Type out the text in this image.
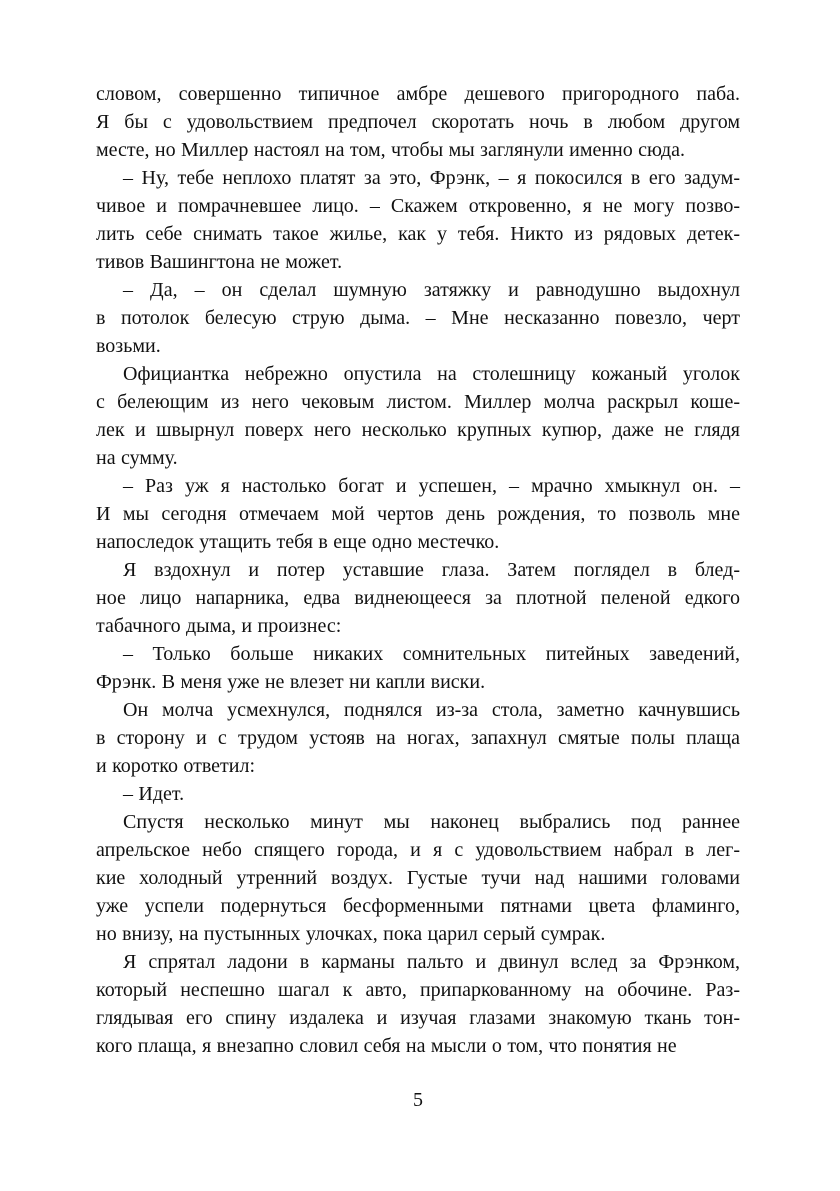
словом, совершенно типичное амбре дешевого пригородного паба.
Я бы с удовольствием предпочел скоротать ночь в любом другом
месте, но Миллер настоял на том, чтобы мы заглянули именно сюда.
– Ну, тебе неплохо платят за это, Фрэнк, – я покосился в его задум-
чивое и помрачневшее лицо. – Скажем откровенно, я не могу позво-
лить себе снимать такое жилье, как у тебя. Никто из рядовых детек-
тивов Вашингтона не может.
– Да, – он сделал шумную затяжку и равнодушно выдохнул
в потолок белесую струю дыма. – Мне несказанно повезло, черт
возьми.
Официантка небрежно опустила на столешницу кожаный уголок
с белеющим из него чековым листом. Миллер молча раскрыл коше-
лек и швырнул поверх него несколько крупных купюр, даже не глядя
на сумму.
– Раз уж я настолько богат и успешен, – мрачно хмыкнул он. –
И мы сегодня отмечаем мой чертов день рождения, то позволь мне
напоследок утащить тебя в еще одно местечко.
Я вздохнул и потер уставшие глаза. Затем поглядел в блед-
ное лицо напарника, едва виднеющееся за плотной пеленой едкого
табачного дыма, и произнес:
– Только больше никаких сомнительных питейных заведений,
Фрэнк. В меня уже не влезет ни капли виски.
Он молча усмехнулся, поднялся из-за стола, заметно качнувшись
в сторону и с трудом устояв на ногах, запахнул смятые полы плаща
и коротко ответил:
– Идет.
Спустя несколько минут мы наконец выбрались под раннее
апрельское небо спящего города, и я с удовольствием набрал в лег-
кие холодный утренний воздух. Густые тучи над нашими головами
уже успели подернуться бесформенными пятнами цвета фламинго,
но внизу, на пустынных улочках, пока царил серый сумрак.
Я спрятал ладони в карманы пальто и двинул вслед за Фрэнком,
который неспешно шагал к авто, припаркованному на обочине. Раз-
глядывая его спину издалека и изучая глазами знакомую ткань тон-
кого плаща, я внезапно словил себя на мысли о том, что понятия не
5
